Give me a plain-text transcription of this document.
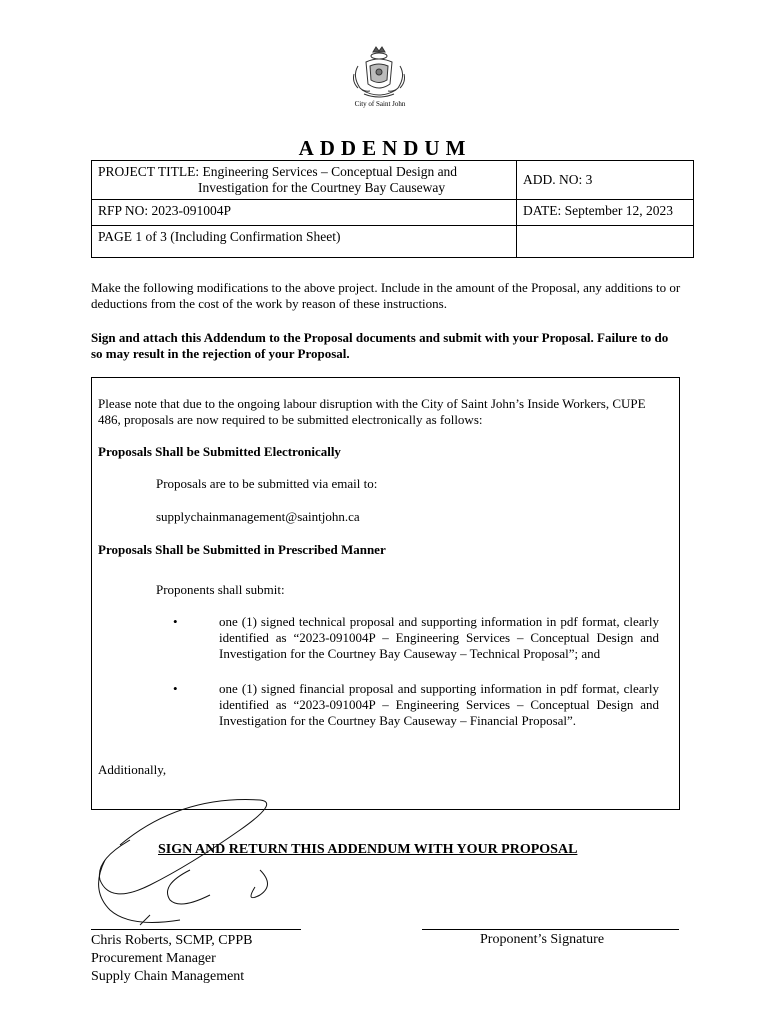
City of Saint John
ADDENDUM
PROJECT TITLE: Engineering Services – Conceptual Design and
Investigation for the Courtney Bay Causeway	ADD. NO: 3
RFP NO: 2023-091004P	DATE: September 12, 2023
PAGE 1 of 3 (Including Confirmation Sheet)	

Make the following modifications to the above project. Include in the amount of the Proposal, any additions to or deductions from the cost of the work by reason of these instructions.

Sign and attach this Addendum to the Proposal documents and submit with your Proposal. Failure to do so may result in the rejection of your Proposal.

Please note that due to the ongoing labour disruption with the City of Saint John’s Inside Workers, CUPE 486, proposals are now required to be submitted electronically as follows:

Proposals Shall be Submitted Electronically

Proposals are to be submitted via email to:

supplychainmanagement@saintjohn.ca

Proposals Shall be Submitted in Prescribed Manner

Proponents shall submit:

•	one (1) signed technical proposal and supporting information in pdf format, clearly identified as “2023-091004P – Engineering Services – Conceptual Design and Investigation for the Courtney Bay Causeway – Technical Proposal”; and

•	one (1) signed financial proposal and supporting information in pdf format, clearly identified as “2023-091004P – Engineering Services – Conceptual Design and Investigation for the Courtney Bay Causeway – Financial Proposal”.

Additionally,

SIGN AND RETURN THIS ADDENDUM WITH YOUR PROPOSAL

Chris Roberts, SCMP, CPPB

Procurement Manager

Supply Chain Management

Proponent’s Signature
